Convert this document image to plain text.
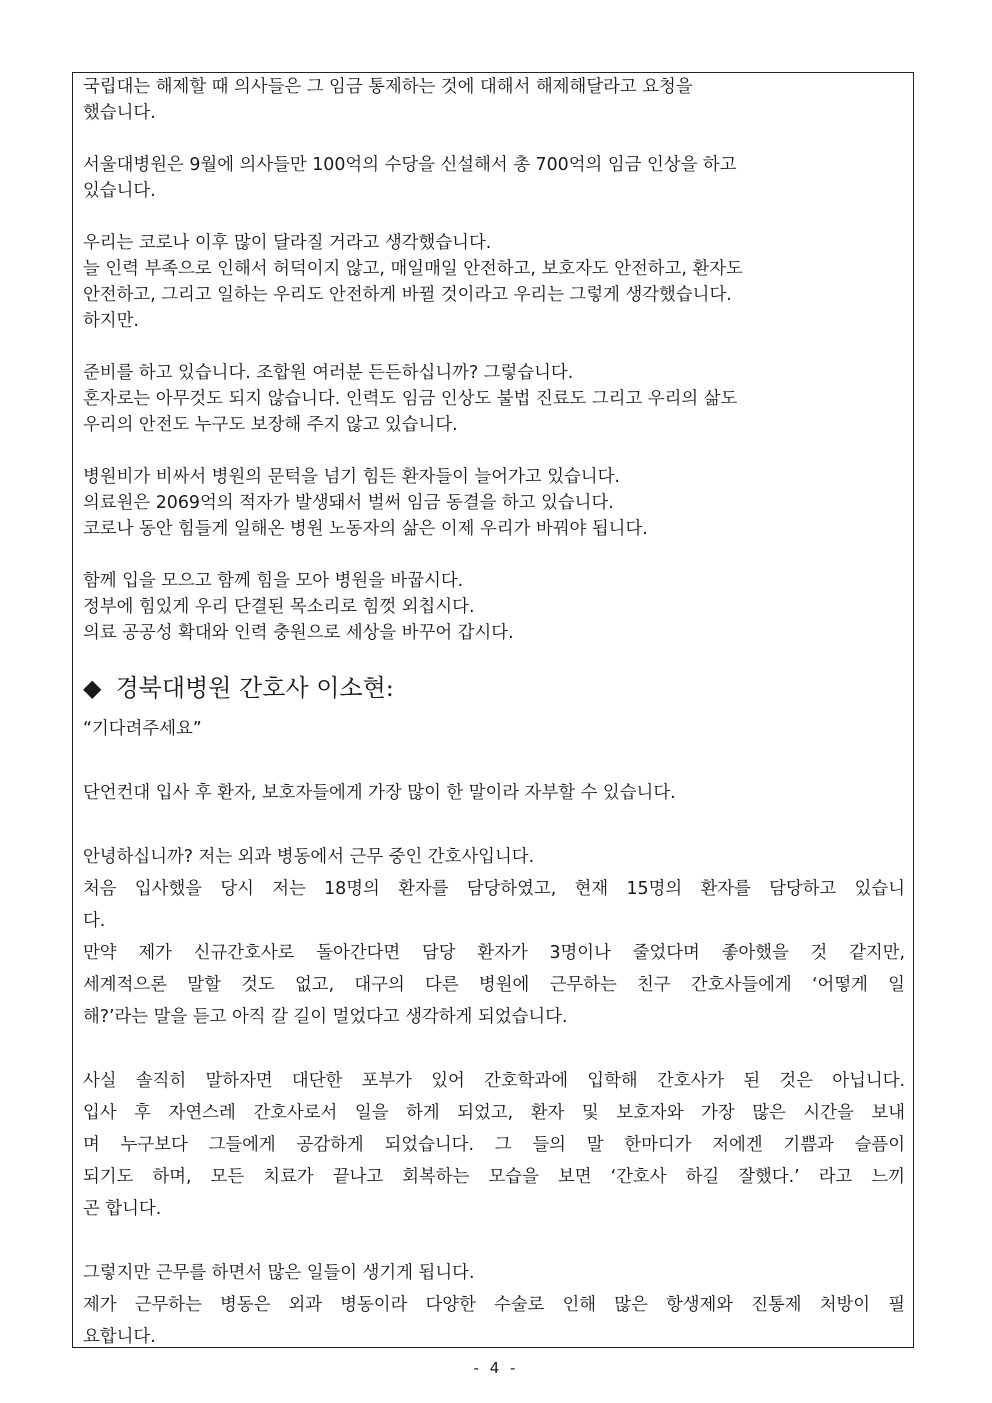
국립대는 해제할 때 의사들은 그 임금 통제하는 것에 대해서 해제해달라고 요청을
했습니다.
서울대병원은 9월에 의사들만 100억의 수당을 신설해서 총 700억의 임금 인상을 하고
있습니다.
우리는 코로나 이후 많이 달라질 거라고 생각했습니다.
늘 인력 부족으로 인해서 허덕이지 않고, 매일매일 안전하고, 보호자도 안전하고, 환자도
안전하고, 그리고 일하는 우리도 안전하게 바뀔 것이라고 우리는 그렇게 생각했습니다.
하지만.
준비를 하고 있습니다. 조합원 여러분 든든하십니까? 그렇습니다.
혼자로는 아무것도 되지 않습니다. 인력도 임금 인상도 불법 진료도 그리고 우리의 삶도
우리의 안전도 누구도 보장해 주지 않고 있습니다.
병원비가 비싸서 병원의 문턱을 넘기 힘든 환자들이 늘어가고 있습니다.
의료원은 2069억의 적자가 발생돼서 벌써 임금 동결을 하고 있습니다.
코로나 동안 힘들게 일해온 병원 노동자의 삶은 이제 우리가 바꿔야 됩니다.
함께 입을 모으고 함께 힘을 모아 병원을 바꿉시다.
정부에 힘있게 우리 단결된 목소리로 힘껏 외칩시다.
의료 공공성 확대와 인력 충원으로 세상을 바꾸어 갑시다.
◆ 경북대병원 간호사 이소현:
“기다려주세요”
단언컨대 입사 후 환자, 보호자들에게 가장 많이 한 말이라 자부할 수 있습니다.
안녕하십니까? 저는 외과 병동에서 근무 중인 간호사입니다.
처음 입사했을 당시 저는 18명의 환자를 담당하였고, 현재 15명의 환자를 담당하고 있습니
다.
만약 제가 신규간호사로 돌아간다면 담당 환자가 3명이나 줄었다며 좋아했을 것 같지만,
세계적으론 말할 것도 없고, 대구의 다른 병원에 근무하는 친구 간호사들에게 ‘어떻게 일
해?’라는 말을 듣고 아직 갈 길이 멀었다고 생각하게 되었습니다.
사실 솔직히 말하자면 대단한 포부가 있어 간호학과에 입학해 간호사가 된 것은 아닙니다.
입사 후 자연스레 간호사로서 일을 하게 되었고, 환자 및 보호자와 가장 많은 시간을 보내
며 누구보다 그들에게 공감하게 되었습니다. 그 들의 말 한마디가 저에겐 기쁨과 슬픔이
되기도 하며, 모든 치료가 끝나고 회복하는 모습을 보면 ‘간호사 하길 잘했다.’ 라고 느끼
곤 합니다.
그렇지만 근무를 하면서 많은 일들이 생기게 됩니다.
제가 근무하는 병동은 외과 병동이라 다양한 수술로 인해 많은 항생제와 진통제 처방이 필
요합니다.
- 4 -
